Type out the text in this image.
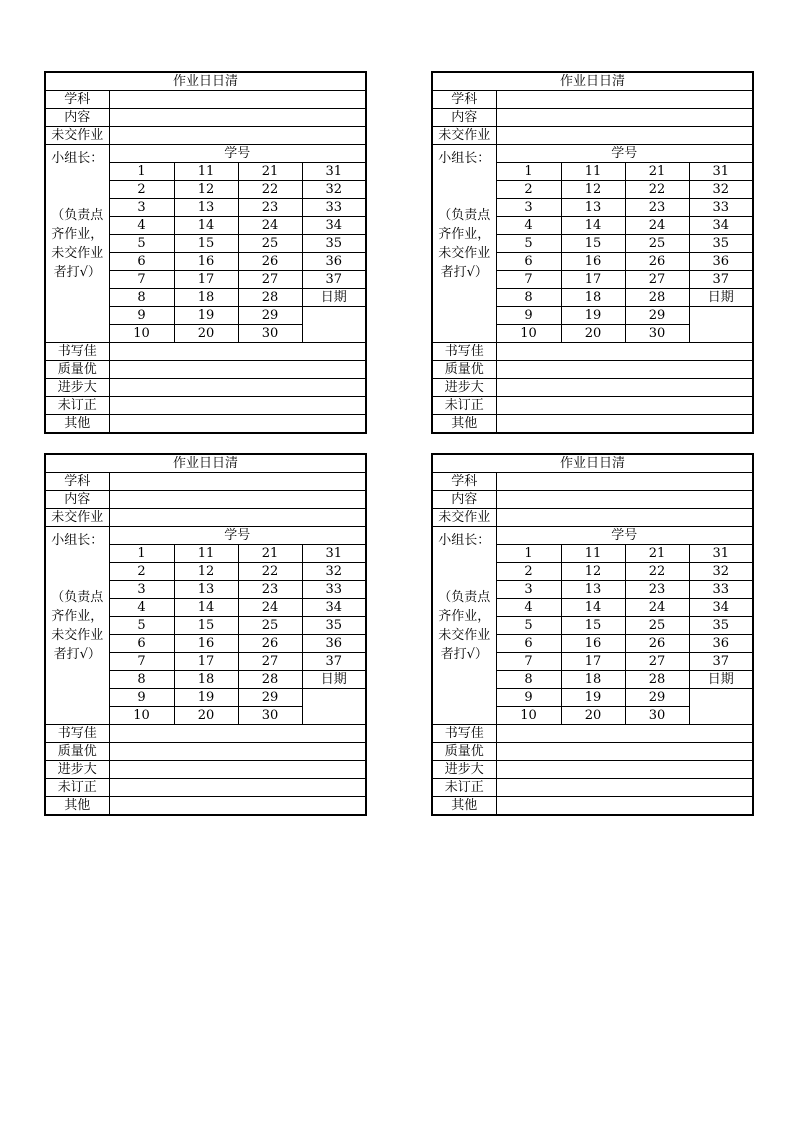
作业日日清				
学科				
内容				
未交作业				

小组长：
（负责点齐作业，未交作业者打√）	学号			
	1	11	21	31
	2	12	22	32
	3	13	23	33
	4	14	24	34
	5	15	25	35
	6	16	26	36
	7	17	27	37
	8	18	28	日期
	9	19	29	
	10	20	30	
书写佳				
质量优				
进步大				
未订正				
其他				
作业日日清				
学科				
内容				
未交作业				

小组长：
（负责点齐作业，未交作业者打√）	学号			
	1	11	21	31
	2	12	22	32
	3	13	23	33
	4	14	24	34
	5	15	25	35
	6	16	26	36
	7	17	27	37
	8	18	28	日期
	9	19	29	
	10	20	30	
书写佳				
质量优				
进步大				
未订正				
其他				
作业日日清				
学科				
内容				
未交作业				

小组长：
（负责点齐作业，未交作业者打√）	学号			
	1	11	21	31
	2	12	22	32
	3	13	23	33
	4	14	24	34
	5	15	25	35
	6	16	26	36
	7	17	27	37
	8	18	28	日期
	9	19	29	
	10	20	30	
书写佳				
质量优				
进步大				
未订正				
其他				
作业日日清				
学科				
内容				
未交作业				

小组长：
（负责点齐作业，未交作业者打√）	学号			
	1	11	21	31
	2	12	22	32
	3	13	23	33
	4	14	24	34
	5	15	25	35
	6	16	26	36
	7	17	27	37
	8	18	28	日期
	9	19	29	
	10	20	30	
书写佳				
质量优				
进步大				
未订正				
其他				
